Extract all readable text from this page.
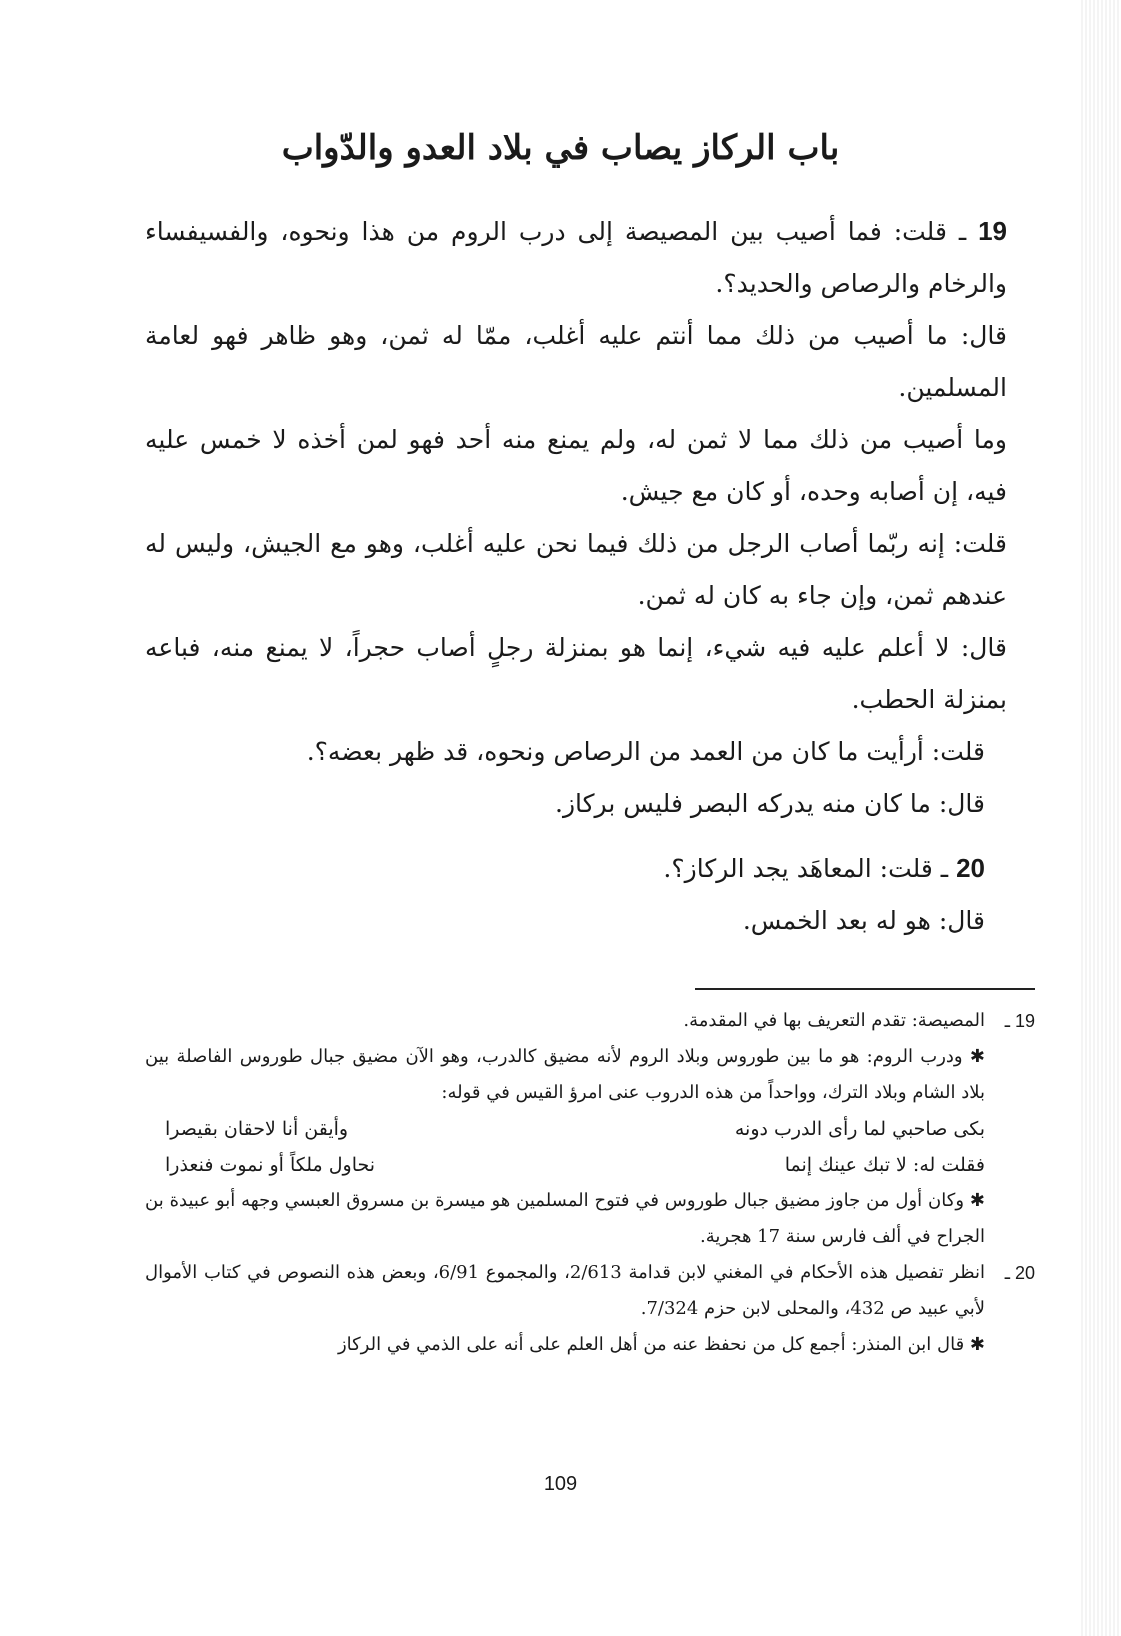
باب الركاز يصاب في بلاد العدو والدّواب

19 ـ قلت: فما أصيب بين المصيصة إلى درب الروم من هذا ونحوه، والفسيفساء والرخام والرصاص والحديد؟.

قال: ما أصيب من ذلك مما أنتم عليه أغلب، ممّا له ثمن، وهو ظاهر فهو لعامة المسلمين.

وما أصيب من ذلك مما لا ثمن له، ولم يمنع منه أحد فهو لمن أخذه لا خمس عليه فيه، إن أصابه وحده، أو كان مع جيش.

قلت: إنه ربّما أصاب الرجل من ذلك فيما نحن عليه أغلب، وهو مع الجيش، وليس له عندهم ثمن، وإن جاء به كان له ثمن.

قال: لا أعلم عليه فيه شيء، إنما هو بمنزلة رجلٍ أصاب حجراً، لا يمنع منه، فباعه بمنزلة الحطب.

قلت: أرأيت ما كان من العمد من الرصاص ونحوه، قد ظهر بعضه؟.

قال: ما كان منه يدركه البصر فليس بركاز.

20 ـ قلت: المعاهَد يجد الركاز؟.

قال: هو له بعد الخمس.

19 ـ

المصيصة: تقدم التعريف بها في المقدمة.

✱ ودرب الروم: هو ما بين طوروس وبلاد الروم لأنه مضيق كالدرب، وهو الآن مضيق جبال طوروس الفاصلة بين بلاد الشام وبلاد الترك، وواحداً من هذه الدروب عنى امرؤ القيس في قوله:

بكى صاحبي لما رأى الدرب دونه
وأيقن أنا لاحقان بقيصرا
فقلت له: لا تبك عينك إنما
نحاول ملكاً أو نموت فنعذرا

✱ وكان أول من جاوز مضيق جبال طوروس في فتوح المسلمين هو ميسرة بن مسروق العبسي وجهه أبو عبيدة بن الجراح في ألف فارس سنة 17 هجرية.

20 ـ

انظر تفصيل هذه الأحكام في المغني لابن قدامة 2/613، والمجموع 6/91، وبعض هذه النصوص في كتاب الأموال لأبي عبيد ص 432، والمحلى لابن حزم 7/324.

✱ قال ابن المنذر: أجمع كل من نحفظ عنه من أهل العلم على أنه على الذمي في الركاز

109
